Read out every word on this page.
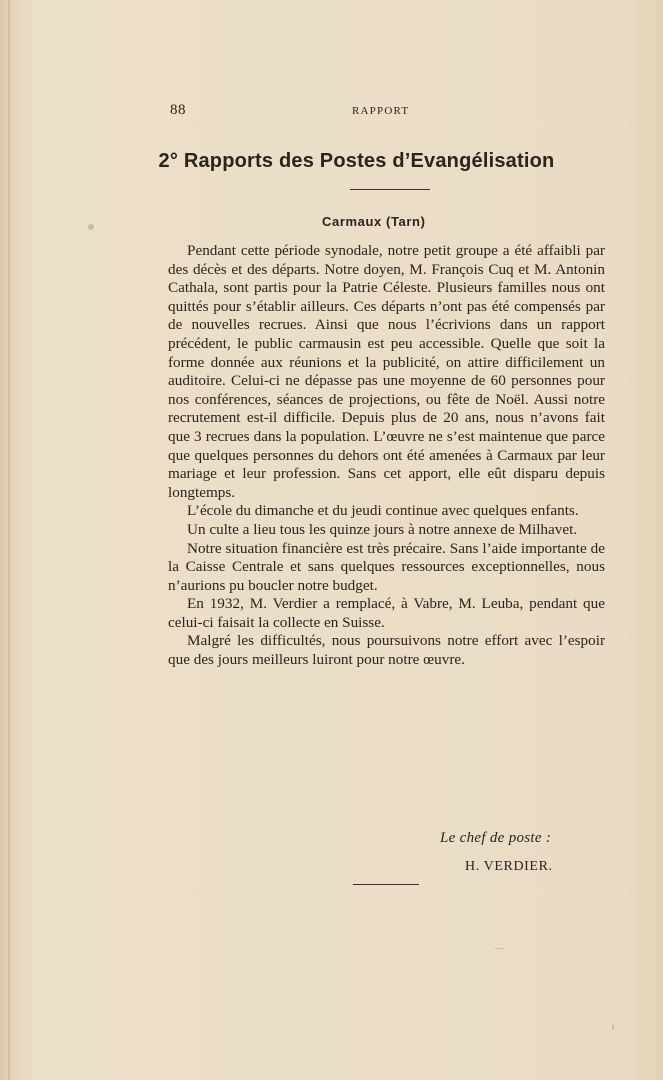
88	RAPPORT
2° Rapports des Postes d’Evangélisation
Carmaux (Tarn)

Pendant cette période synodale, notre petit groupe a été affaibli par des décès et des départs. Notre doyen, M. François Cuq et M. Antonin Cathala, sont partis pour la Patrie Céleste. Plusieurs familles nous ont quittés pour s’établir ailleurs. Ces départs n’ont pas été compensés par de nouvelles recrues. Ainsi que nous l’écrivions dans un rapport précédent, le public carmausin est peu accessible. Quelle que soit la forme donnée aux réunions et la publicité, on attire difficilement un auditoire. Celui-ci ne dépasse pas une moyenne de 60 personnes pour nos conférences, séances de projections, ou fête de Noël. Aussi notre recrutement est-il difficile. Depuis plus de 20 ans, nous n’avons fait que 3 recrues dans la population. L’œuvre ne s’est maintenue que parce que quelques personnes du dehors ont été amenées à Carmaux par leur mariage et leur profession. Sans cet apport, elle eût disparu depuis longtemps.

L’école du dimanche et du jeudi continue avec quelques enfants.

Un culte a lieu tous les quinze jours à notre annexe de Milhavet.

Notre situation financière est très précaire. Sans l’aide importante de la Caisse Centrale et sans quelques ressources exceptionnelles, nous n’aurions pu boucler notre budget.

En 1932, M. Verdier a remplacé, à Vabre, M. Leuba, pendant que celui-ci faisait la collecte en Suisse.

Malgré les difficultés, nous poursuivons notre effort avec l’espoir que des jours meilleurs luiront pour notre œuvre.

Le chef de poste :
H. VERDIER.
